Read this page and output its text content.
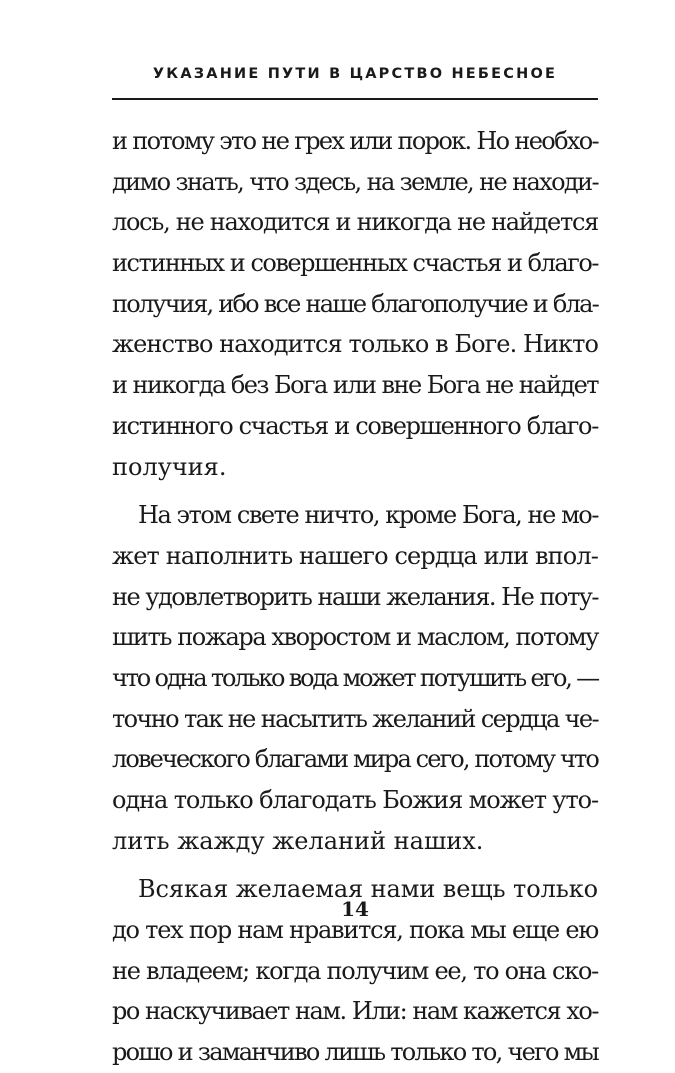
УКАЗАНИЕ ПУТИ В ЦАРСТВО НЕБЕСНОЕ
и потому это не грех или порок. Но необхо-
димо знать, что здесь, на земле, не находи-
лось, не находится и никогда не найдется
истинных и совершенных счастья и благо-
получия, ибо все наше благополучие и бла-
женство находится только в Боге. Никто
и никогда без Бога или вне Бога не найдет
истинного счастья и совершенного благо-
получия.
На этом свете ничто, кроме Бога, не мо-
жет наполнить нашего сердца или впол-
не удовлетворить наши желания. Не поту-
шить пожара хворостом и маслом, потому
что одна только вода может потушить его, —
точно так не насытить желаний сердца че-
ловеческого благами мира сего, потому что
одна только благодать Божия может уто-
лить жажду желаний наших.
Всякая желаемая нами вещь только
до тех пор нам нравится, пока мы еще ею
не владеем; когда получим ее, то она ско-
ро наскучивает нам. Или: нам кажется хо-
рошо и заманчиво лишь только то, чего мы
14
